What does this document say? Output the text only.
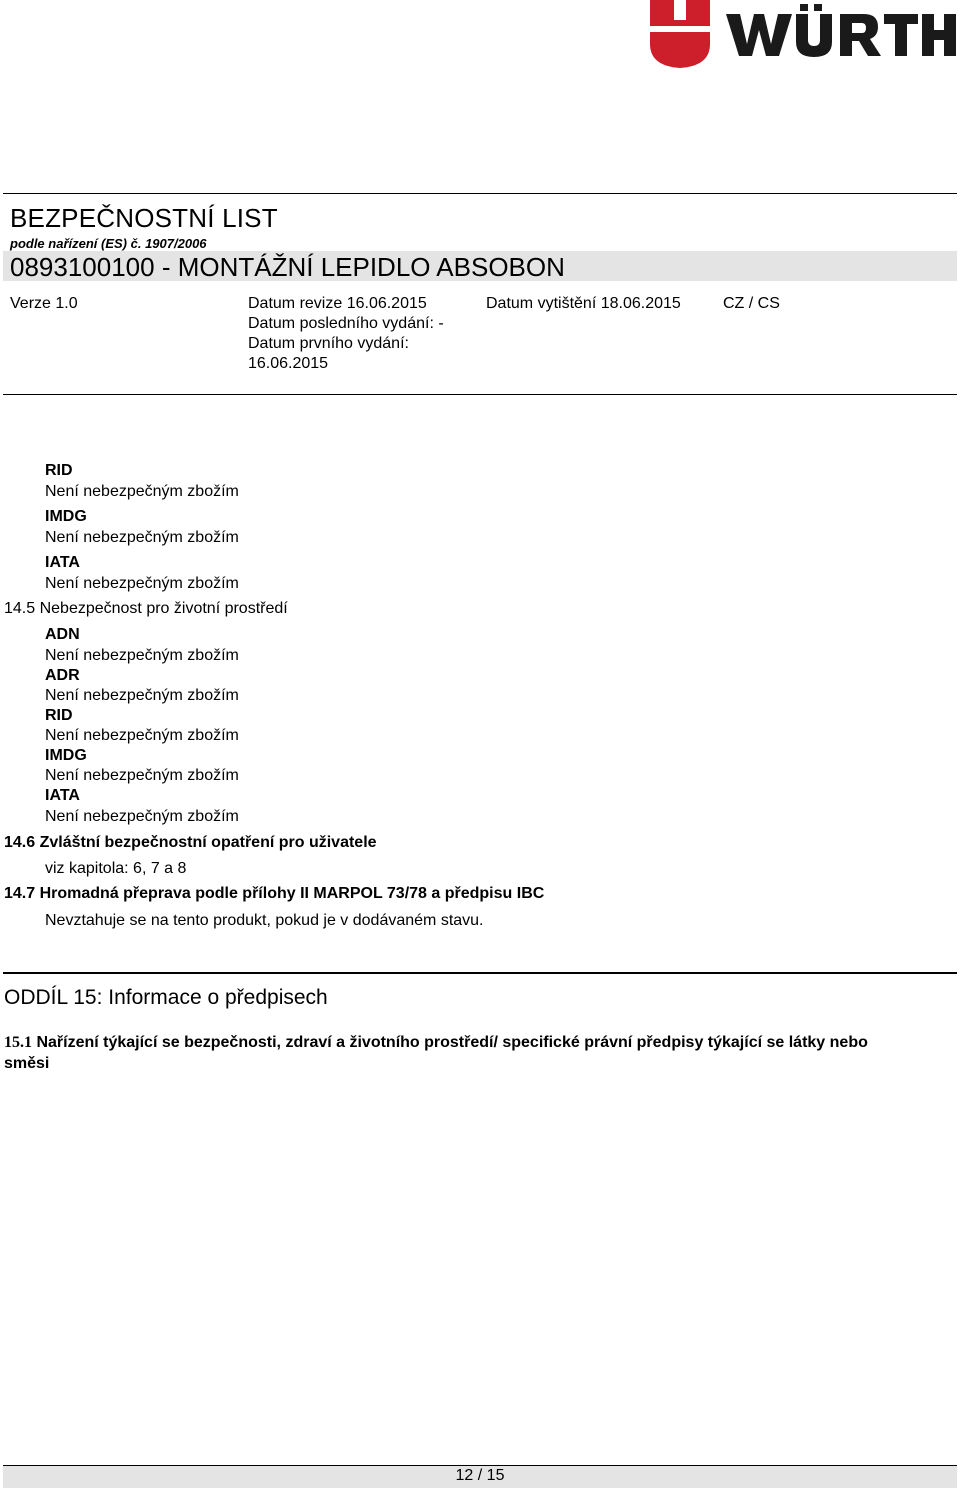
BEZPEČNOSTNÍ LIST
podle nařízení (ES) č. 1907/2006
0893100100 - MONTÁŽNÍ LEPIDLO ABSOBON
Verze 1.0	Datum revize 16.06.2015
Datum posledního vydání: -
Datum prvního vydání:
16.06.2015
Datum vytištění 18.06.2015	CZ / CS
RID
Není nebezpečným zbožím
IMDG
Není nebezpečným zbožím
IATA
Není nebezpečným zbožím
14.5 Nebezpečnost pro životní prostředí
ADN
Není nebezpečným zbožím
ADR
Není nebezpečným zbožím
RID
Není nebezpečným zbožím
IMDG
Není nebezpečným zbožím
IATA
Není nebezpečným zbožím
14.6 Zvláštní bezpečnostní opatření pro uživatele
viz kapitola: 6, 7 a 8
14.7 Hromadná přeprava podle přílohy II MARPOL 73/78 a předpisu IBC
Nevztahuje se na tento produkt, pokud je v dodávaném stavu.
ODDÍL 15: Informace o předpisech
15.1 Nařízení týkající se bezpečnosti, zdraví a životního prostředí/ specifické právní předpisy týkající se látky nebo
směsi
12 / 15
